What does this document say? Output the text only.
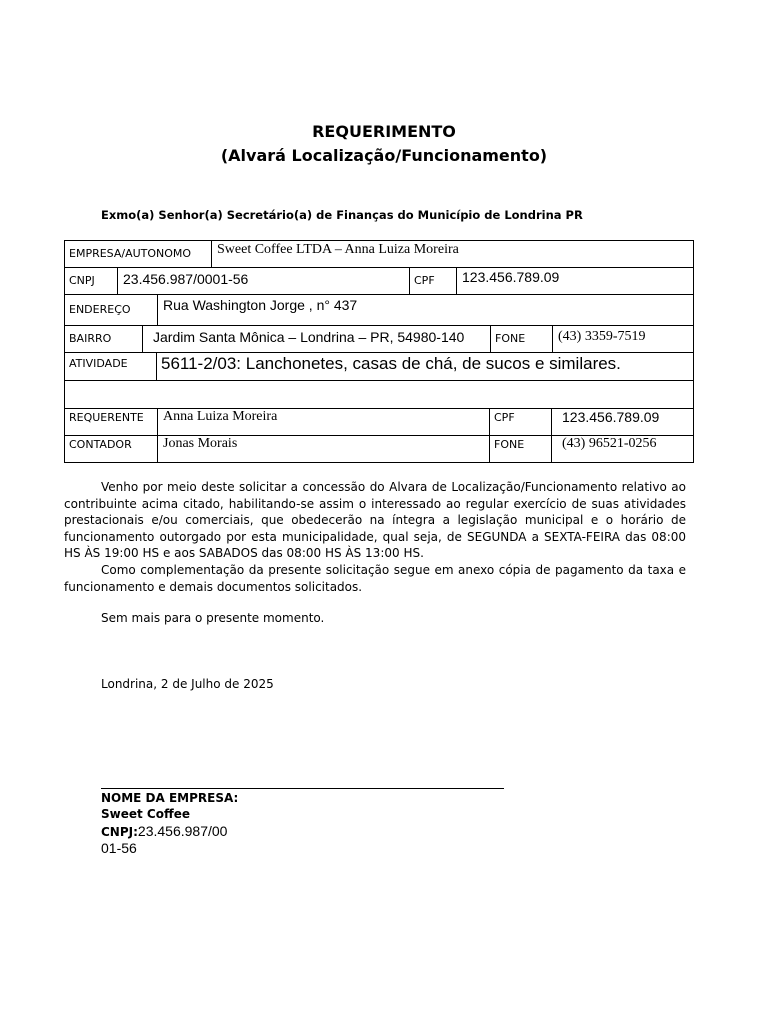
REQUERIMENTO
(Alvará Localização/Funcionamento)
Exmo(a) Senhor(a) Secretário(a) de Finanças do Município de Londrina PR
EMPRESA/AUTONOMO	Sweet Coffee LTDA – Anna Luiza Moreira
CNPJ	23.456.987/0001-56	CPF	123.456.789.09
ENDEREÇO	Rua Washington Jorge , n° 437
BAIRRO	Jardim Santa Mônica – Londrina – PR, 54980-140	FONE	(43) 3359-7519
ATIVIDADE	5611-2/03: Lanchonetes, casas de chá, de sucos e similares.
REQUERENTE	Anna Luiza Moreira	CPF	123.456.789.09
CONTADOR	Jonas Morais	FONE	(43) 96521-0256

Venho por meio deste solicitar a concessão do Alvara de Localização/Funcionamento relativo ao contribuinte acima citado, habilitando-se assim o interessado ao regular exercício de suas atividades prestacionais e/ou comerciais, que obedecerão na íntegra a legislação municipal e o horário de funcionamento outorgado por esta municipalidade, qual seja, de SEGUNDA a SEXTA-FEIRA das 08:00 HS ÀS 19:00 HS e aos SABADOS das 08:00 HS ÀS 13:00 HS.

Como complementação da presente solicitação segue em anexo cópia de pagamento da taxa e funcionamento e demais documentos solicitados.

Sem mais para o presente momento.
Londrina, 2 de Julho de 2025
NOME DA EMPRESA:
Sweet Coffee
CNPJ:23.456.987/00
01-56
